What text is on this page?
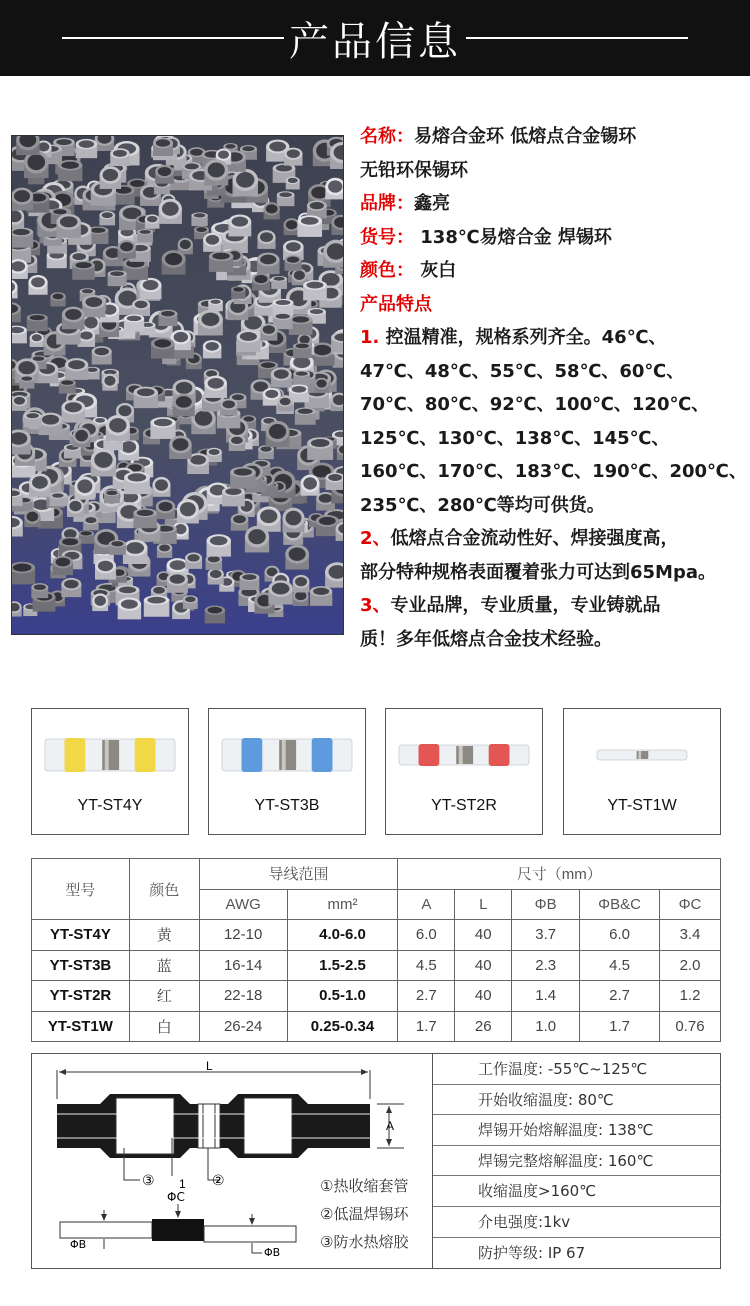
产品信息
名称：易熔合金环 低熔点合金锡环
无铅环保锡环
品牌：鑫亮
货号： 138℃易熔合金 焊锡环
颜色： 灰白
产品特点
1. 控温精准，规格系列齐全。46℃、
47℃、48℃、55℃、58℃、60℃、
70℃、80℃、92℃、100℃、120℃、
125℃、130℃、138℃、145℃、
160℃、170℃、183℃、190℃、200℃、
235℃、280℃等均可供货。
2、低熔点合金流动性好、焊接强度高，
部分特种规格表面覆着张力可达到65Mpa。
3、专业品牌，专业质量，专业铸就品
质！多年低熔点合金技术经验。
YT-ST4Y	YT-ST3B	YT-ST2R	YT-ST1W
型号	颜色	导线范围		尺寸（mm）				
		AWG	mm²	A	L	ΦB	ΦB&C	ΦC
YT-ST4Y	黄	12-10	4.0-6.0	6.0	40	3.7	6.0	3.4
YT-ST3B	蓝	16-14	1.5-2.5	4.5	40	2.3	4.5	2.0
YT-ST2R	红	22-18	0.5-1.0	2.7	40	1.4	2.7	1.2
YT-ST1W	白	26-24	0.25-0.34	1.7	26	1.0	1.7	0.76
L
A
③ 1 ②
ΦC
ΦB
ΦB
①热收缩套管
②低温焊锡环
③防水热熔胶
工作温度: -55℃~125℃
开始收缩温度: 80℃
焊锡开始熔解温度: 138℃
焊锡完整熔解温度: 160℃
收缩温度>160℃
介电强度:1kv
防护等级: IP 67
